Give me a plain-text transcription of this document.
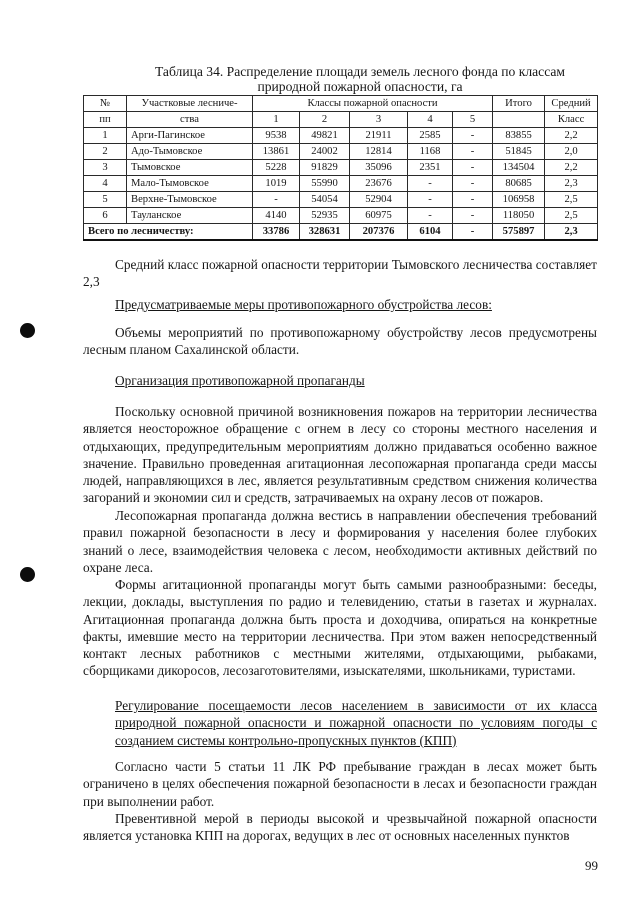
Таблица 34. Распределение площади земель лесного фонда по классам
природной пожарной опасности, га
№	Участковые лесниче-	Классы пожарной опасности					Итого	Средний
пп	ства	1	2	3	4	5		Класс
1	Арги-Пагинское	9538	49821	21911	2585	-	83855	2,2
2	Адо-Тымовское	13861	24002	12814	1168	-	51845	2,0
3	Тымовское	5228	91829	35096	2351	-	134504	2,2
4	Мало-Тымовское	1019	55990	23676	-	-	80685	2,3
5	Верхне-Тымовское	-	54054	52904	-	-	106958	2,5
6	Тауланское	4140	52935	60975	-	-	118050	2,5
Всего по лесничеству:		33786	328631	207376	6104	-	575897	2,3

Средний класс пожарной опасности территории Тымовского лесничества составляет 2,3

Предусматриваемые меры противопожарного обустройства лесов:

Объемы мероприятий по противопожарному обустройству лесов предусмотрены лесным планом Сахалинской области.

Организация противопожарной пропаганды

Поскольку основной причиной возникновения пожаров на территории лесничества является неосторожное обращение с огнем в лесу со стороны местного населения и отдыхающих, предупредительным мероприятиям должно придаваться особенно важное значение. Правильно проведенная агитационная лесопожарная пропаганда среди массы людей, направляющихся в лес, является результативным средством снижения количества загораний и экономии сил и средств, затрачиваемых на охрану лесов от пожаров.

Лесопожарная пропаганда должна вестись в направлении обеспечения требований правил пожарной безопасности в лесу и формирования у населения более глубоких знаний о лесе, взаимодействия человека с лесом, необходимости активных действий по охране леса.

Формы агитационной пропаганды могут быть самыми разнообразными: беседы, лекции, доклады, выступления по радио и телевидению, статьи в газетах и журналах. Агитационная пропаганда должна быть проста и доходчива, опираться на конкретные факты, имевшие место на территории лесничества. При этом важен непосредственный контакт лесных работников с местными жителями, отдыхающими, рыбаками, сборщиками дикоросов, лесозаготовителями, изыскателями, школьниками, туристами.

Регулирование посещаемости лесов населением в зависимости от их класса природной пожарной опасности и пожарной опасности по условиям погоды с созданием системы контрольно-пропускных пунктов (КПП)

Согласно части 5 статьи 11 ЛК РФ пребывание граждан в лесах может быть ограничено в целях обеспечения пожарной безопасности в лесах и безопасности граждан при выполнении работ.

Превентивной мерой в периоды высокой и чрезвычайной пожарной опасности является установка КПП на дорогах, ведущих в лес от основных населенных пунктов

99
